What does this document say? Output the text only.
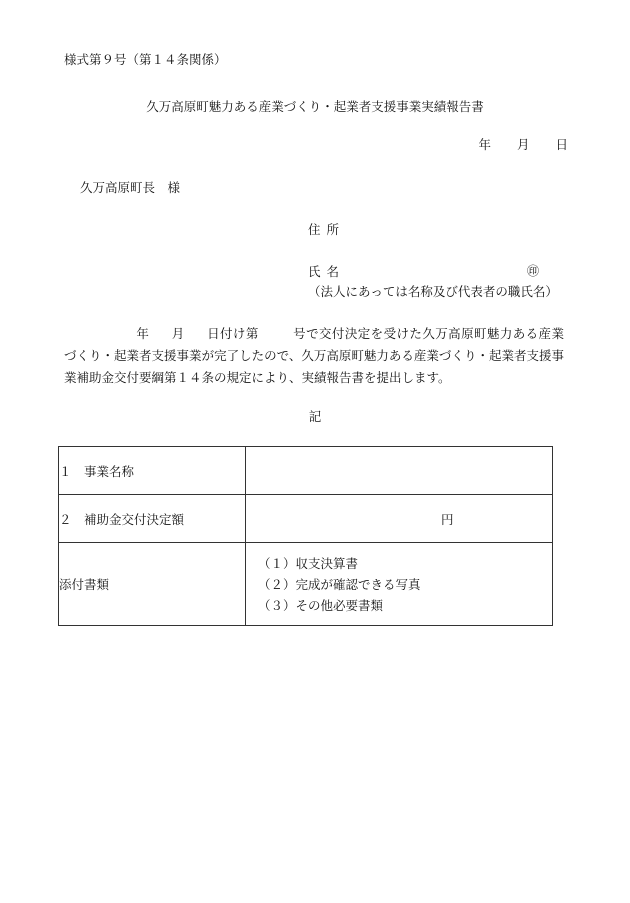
様式第９号（第１４条関係）
久万高原町魅力ある産業づくり・起業者支援事業実績報告書
年 月 日
久万高原町長　様
住所
氏名	㊞
（法人にあっては名称及び代表者の職氏名）
年 月 日付け第	号で交付決定を受けた久万高原町魅力ある産業づくり・起業者支援事業が完了したので、久万高原町魅力ある産業づくり・起業者支援事業補助金交付要綱第１４条の規定により、実績報告書を提出します。
記
１　事業名称	
２　補助金交付決定額	円
添付書類	（１）収支決算書
（２）完成が確認できる写真
（３）その他必要書類
